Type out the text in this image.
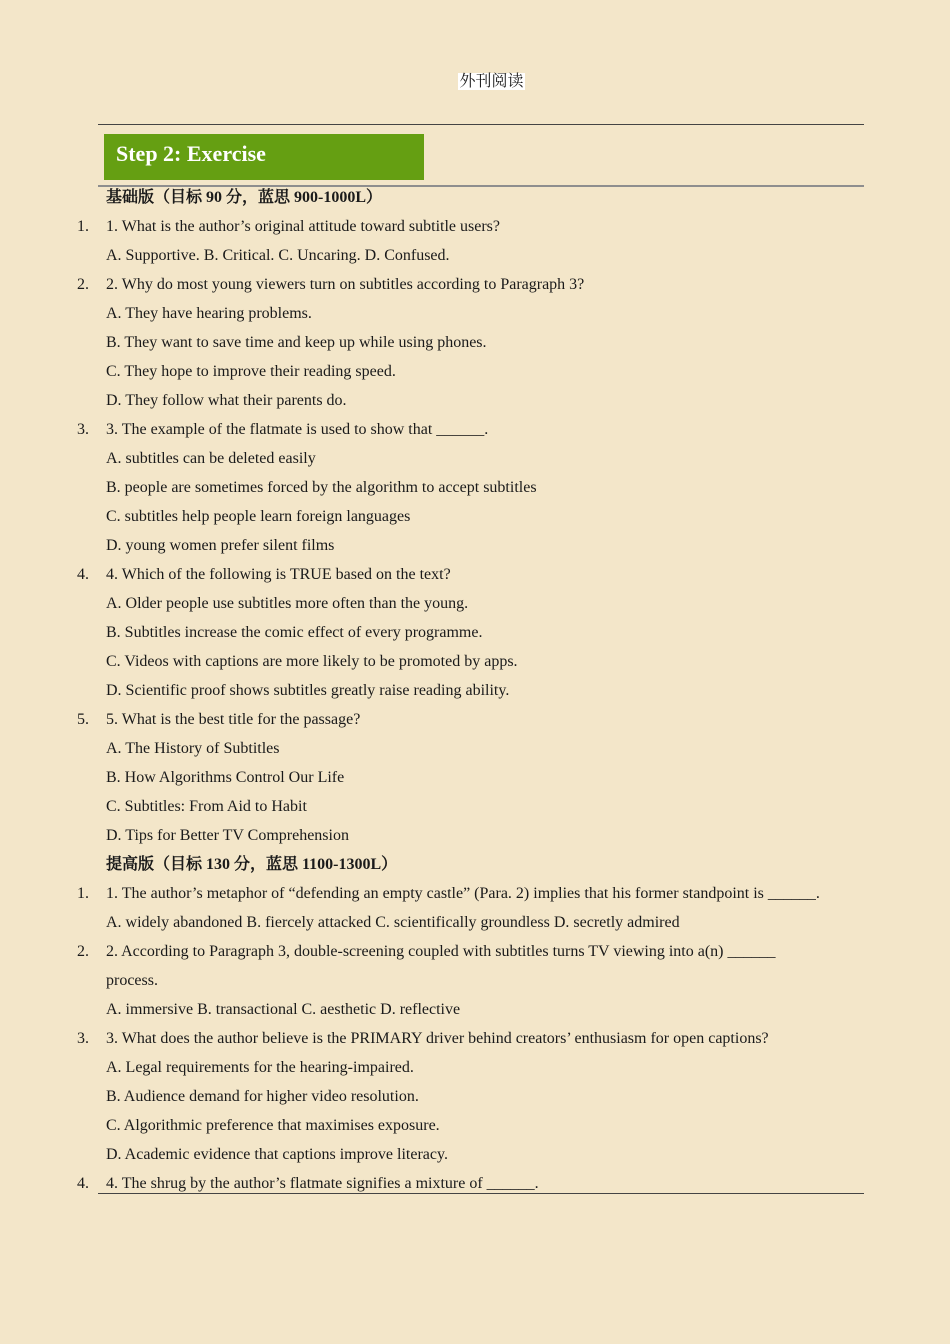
外刊阅读
Step 2: Exercise
基础版（目标 90 分，蓝思 900-1000L）
1. 1. What is the author’s original attitude toward subtitle users?
A. Supportive. B. Critical. C. Uncaring. D. Confused.
2. 2. Why do most young viewers turn on subtitles according to Paragraph 3?
A. They have hearing problems.
B. They want to save time and keep up while using phones.
C. They hope to improve their reading speed.
D. They follow what their parents do.
3. 3. The example of the flatmate is used to show that ______.
A. subtitles can be deleted easily
B. people are sometimes forced by the algorithm to accept subtitles
C. subtitles help people learn foreign languages
D. young women prefer silent films
4. 4. Which of the following is TRUE based on the text?
A. Older people use subtitles more often than the young.
B. Subtitles increase the comic effect of every programme.
C. Videos with captions are more likely to be promoted by apps.
D. Scientific proof shows subtitles greatly raise reading ability.
5. 5. What is the best title for the passage?
A. The History of Subtitles
B. How Algorithms Control Our Life
C. Subtitles: From Aid to Habit
D. Tips for Better TV Comprehension
提高版（目标 130 分，蓝思 1100-1300L）
1. 1. The author’s metaphor of “defending an empty castle” (Para. 2) implies that his former standpoint is ______.
A. widely abandoned B. fiercely attacked C. scientifically groundless D. secretly admired
2. 2. According to Paragraph 3, double-screening coupled with subtitles turns TV viewing into a(n) ______
process.
A. immersive B. transactional C. aesthetic D. reflective
3. 3. What does the author believe is the PRIMARY driver behind creators’ enthusiasm for open captions?
A. Legal requirements for the hearing-impaired.
B. Audience demand for higher video resolution.
C. Algorithmic preference that maximises exposure.
D. Academic evidence that captions improve literacy.
4. 4. The shrug by the author’s flatmate signifies a mixture of ______.
